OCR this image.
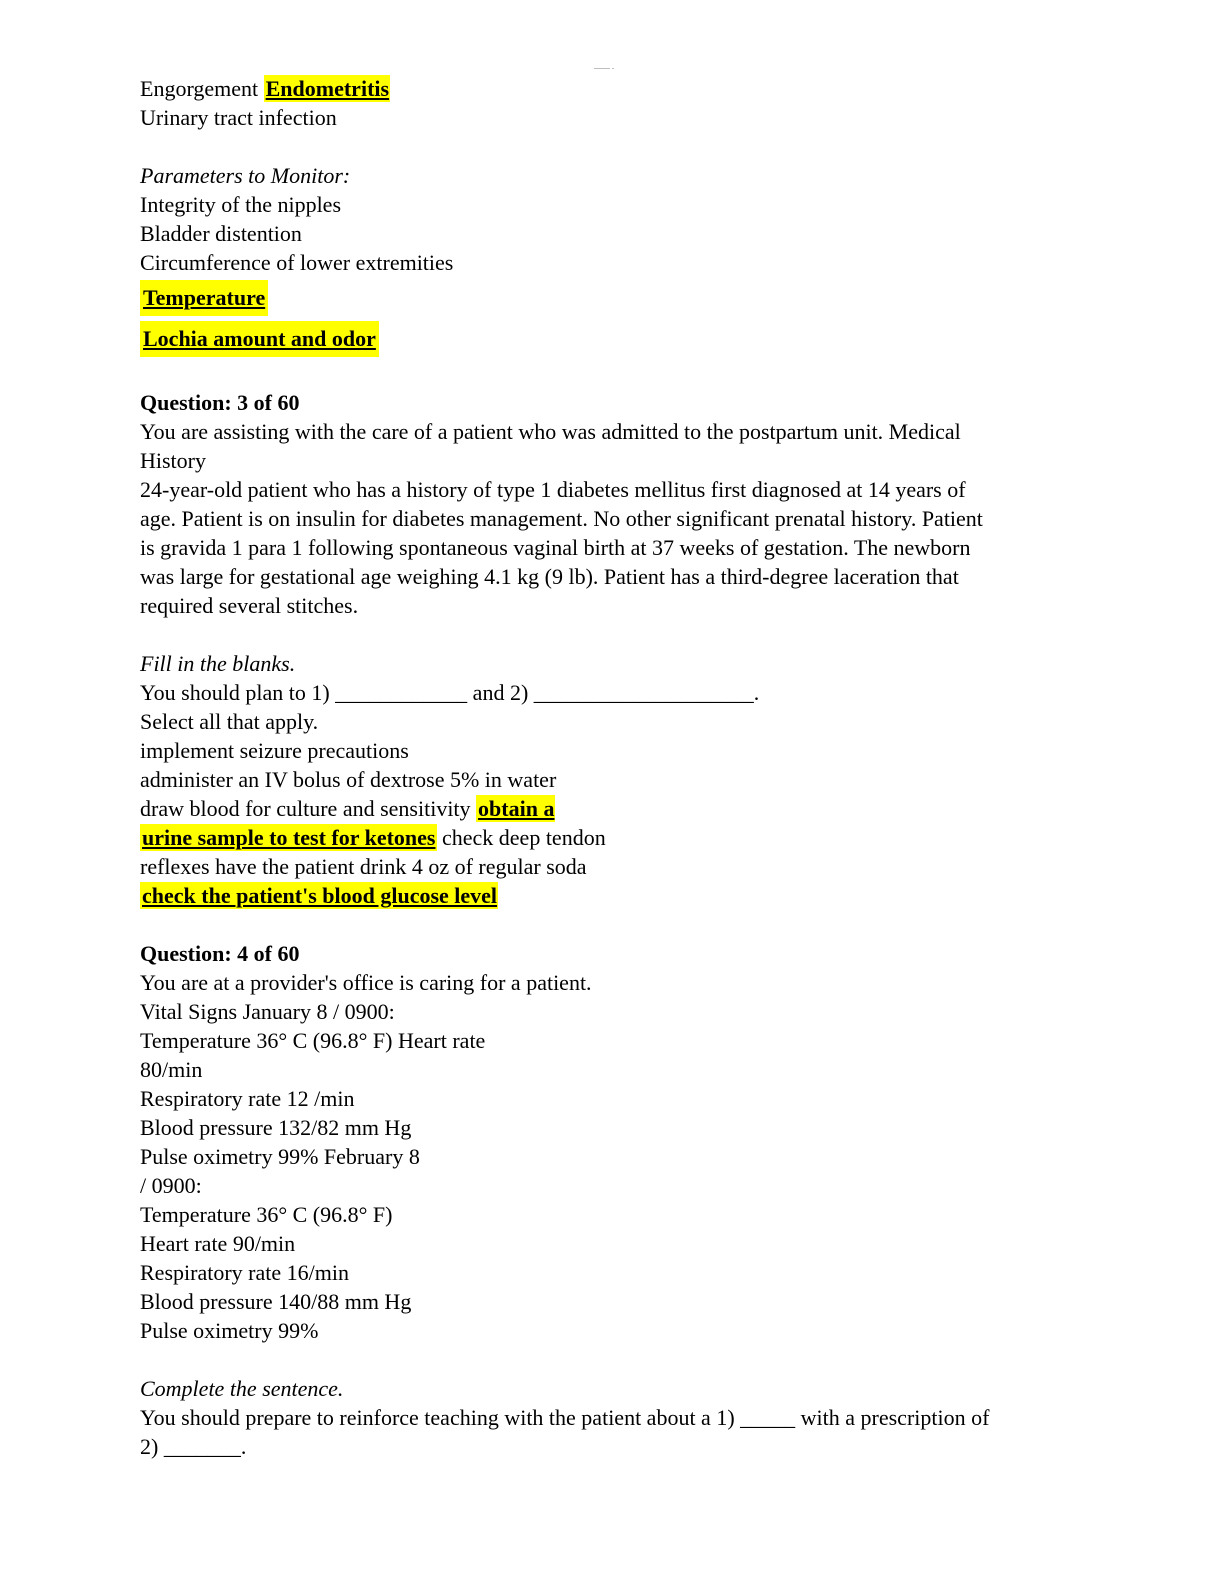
........ .
Engorgement Endometritis
Urinary tract infection
Parameters to Monitor:
Integrity of the nipples
Bladder distention
Circumference of lower extremities
Temperature
Lochia amount and odor
Question: 3 of 60
You are assisting with the care of a patient who was admitted to the postpartum unit. Medical
History
24-year-old patient who has a history of type 1 diabetes mellitus first diagnosed at 14 years of
age. Patient is on insulin for diabetes management. No other significant prenatal history. Patient
is gravida 1 para 1 following spontaneous vaginal birth at 37 weeks of gestation. The newborn
was large for gestational age weighing 4.1 kg (9 lb). Patient has a third-degree laceration that
required several stitches.
Fill in the blanks.
You should plan to 1) ____________ and 2) ____________________.
Select all that apply.
implement seizure precautions
administer an IV bolus of dextrose 5% in water
draw blood for culture and sensitivity obtain a
urine sample to test for ketones check deep tendon
reflexes have the patient drink 4 oz of regular soda
check the patient's blood glucose level
Question: 4 of 60
You are at a provider's office is caring for a patient.
Vital Signs January 8 / 0900:
Temperature 36° C (96.8° F) Heart rate
80/min
Respiratory rate 12 /min
Blood pressure 132/82 mm Hg
Pulse oximetry 99% February 8
/ 0900:
Temperature 36° C (96.8° F)
Heart rate 90/min
Respiratory rate 16/min
Blood pressure 140/88 mm Hg
Pulse oximetry 99%
Complete the sentence.
You should prepare to reinforce teaching with the patient about a 1) _____ with a prescription of
2) _______.
